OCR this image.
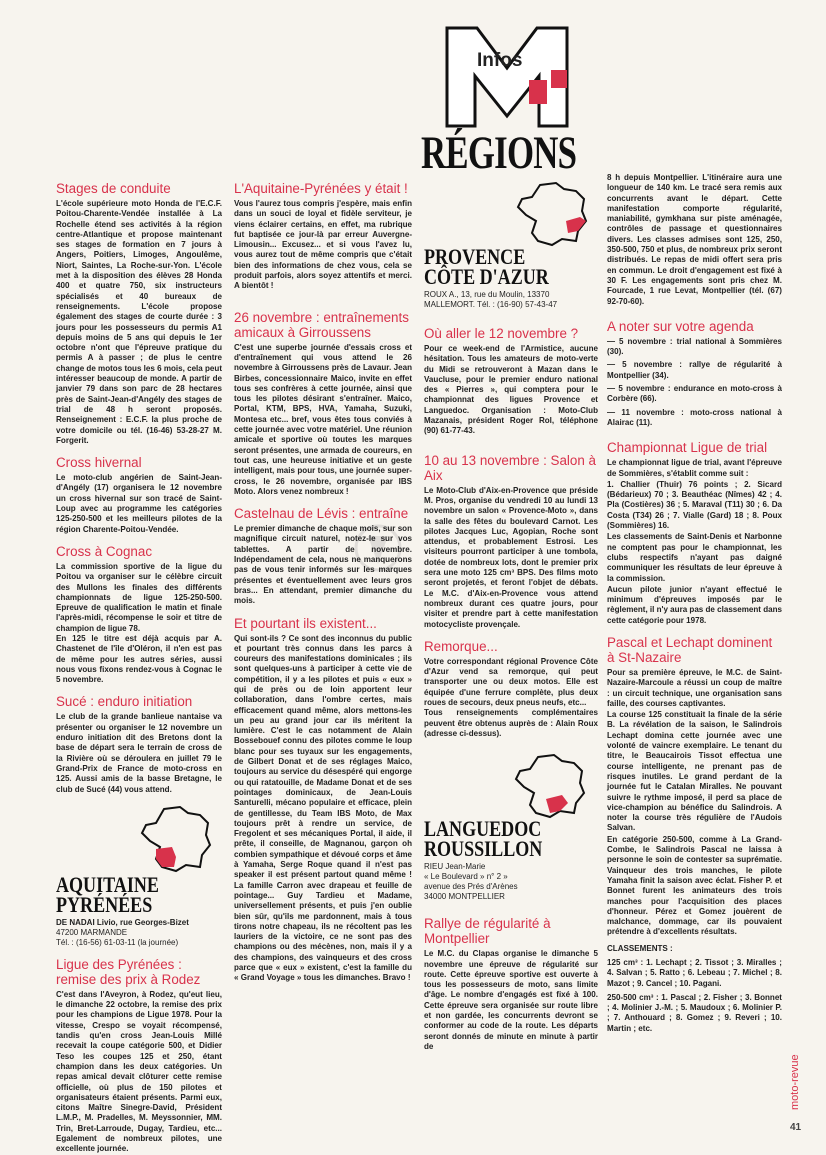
Infos
RÉGIONS
Stages de conduite

L'école supérieure moto Honda de l'E.C.F. Poitou-Charente-Vendée installée à La Rochelle étend ses activités à la région centre-Atlantique et propose maintenant ses stages de formation en 7 jours à Angers, Poitiers, Limoges, Angoulême, Niort, Saintes, La Roche-sur-Yon. L'école met à la disposition des élèves 28 Honda 400 et quatre 750, six instructeurs spécialisés et 40 bureaux de renseignements. L'école propose également des stages de courte durée : 3 jours pour les possesseurs du permis A1 depuis moins de 5 ans qui depuis le 1er octobre n'ont que l'épreuve pratique du permis A à passer ; de plus le centre change de motos tous les 6 mois, cela peut intéresser beaucoup de monde. A partir de janvier 79 dans son parc de 28 hectares près de Saint-Jean-d'Angély des stages de trial de 48 h seront proposés. Renseignement : E.C.F. la plus proche de votre domicile ou tél. (16-46) 53-28-27 M. Forgerit.

Cross hivernal

Le moto-club angérien de Saint-Jean-d'Angély (17) organisera le 12 novembre un cross hivernal sur son tracé de Saint-Loup avec au programme les catégories 125-250-500 et les meilleurs pilotes de la région Charente-Poitou-Vendée.

Cross à Cognac

La commission sportive de la ligue du Poitou va organiser sur le célèbre circuit des Mullons les finales des différents championnats de ligue 125-250-500. Epreuve de qualification le matin et finale l'après-midi, récompense le soir et titre de champion de ligue 78.

En 125 le titre est déjà acquis par A. Chastenet de l'île d'Oléron, il n'en est pas de même pour les autres séries, aussi nous vous fixons rendez-vous à Cognac le 5 novembre.

Sucé : enduro initiation

Le club de la grande banlieue nantaise va présenter ou organiser le 12 novembre un enduro initiation dit des Bretons dont la base de départ sera le terrain de cross de la Rivière où se déroulera en juillet 79 le Grand-Prix de France de moto-cross en 125. Aussi amis de la basse Bretagne, le club de Sucé (44) vous attend.

AQUITAINE
PYRÉNÉES
DE NADAI Livio, rue Georges-Bizet
47200 MARMANDE
Tél. : (16-56) 61-03-11 (la journée)
Ligue des Pyrénées : remise des prix à Rodez

C'est dans l'Aveyron, à Rodez, qu'eut lieu, le dimanche 22 octobre, la remise des prix pour les champions de Ligue 1978. Pour la vitesse, Crespo se voyait récompensé, tandis qu'en cross Jean-Louis Millé recevait la coupe catégorie 500, et Didier Teso les coupes 125 et 250, étant champion dans les deux catégories. Un repas amical devait clôturer cette remise officielle, où plus de 150 pilotes et organisateurs étaient présents. Parmi eux, citons Maître Sinegre-David, Président L.M.P., M. Pradelles, M. Meyssonnier, MM. Trin, Bret-Larroude, Dugay, Tardieu, etc... Egalement de nombreux pilotes, une excellente journée.

L'Aquitaine-Pyrénées y était !

Vous l'aurez tous compris j'espère, mais enfin dans un souci de loyal et fidèle serviteur, je viens éclairer certains, en effet, ma rubrique fut baptisée ce jour-là par erreur Auvergne-Limousin... Excusez... et si vous l'avez lu, vous aurez tout de même compris que c'était bien des informations de chez vous, cela se produit parfois, alors soyez attentifs et merci. A bientôt !

26 novembre : entraînements amicaux à Girroussens

C'est une superbe journée d'essais cross et d'entraînement qui vous attend le 26 novembre à Girroussens près de Lavaur. Jean Birbes, concessionnaire Maico, invite en effet tous ses confrères à cette journée, ainsi que tous les pilotes désirant s'entraîner. Maico, Portal, KTM, BPS, HVA, Yamaha, Suzuki, Montesa etc... bref, vous êtes tous conviés à cette journée avec votre matériel. Une réunion amicale et sportive où toutes les marques seront présentes, une armada de coureurs, en tout cas, une heureuse initiative et un geste intelligent, mais pour tous, une journée super-cross, le 26 novembre, organisée par IBS Moto. Alors venez nombreux !

Castelnau de Lévis : entraîne

Le premier dimanche de chaque mois, sur son magnifique circuit naturel, notez-le sur vos tablettes. A partir de novembre. Indépendament de cela, nous ne manquerons pas de vous tenir informés sur les marques présentes et éventuellement avec leurs gros bras... En attendant, premier dimanche du mois.

Et pourtant ils existent...

Qui sont-ils ? Ce sont des inconnus du public et pourtant très connus dans les parcs à coureurs des manifestations dominicales ; ils sont quelques-uns à participer à cette vie de compétition, il y a les pilotes et puis « eux » qui de près ou de loin apportent leur collaboration, dans l'ombre certes, mais efficacement quand même, alors mettons-les un peu au grand jour car ils méritent la lumière. C'est le cas notamment de Alain Bossebouef connu des pilotes comme le loup blanc pour ses tuyaux sur les engagements, de Gilbert Donat et de ses réglages Maico, toujours au service du désespéré qui engorge ou qui ratatouille, de Madame Donat et de ses pointages dominicaux, de Jean-Louis Santurelli, mécano populaire et efficace, plein de gentillesse, du Team IBS Moto, de Max toujours prêt à rendre un service, de Fregolent et ses mécaniques Portal, il aide, il prête, il conseille, de Magnanou, garçon oh combien sympathique et dévoué corps et âme à Yamaha, Serge Roque quand il n'est pas speaker il est présent partout quand même ! La famille Carron avec drapeau et feuille de pointage... Guy Tardieu et Madame, universellement présents, et puis j'en oublie bien sûr, qu'ils me pardonnent, mais à tous tirons notre chapeau, ils ne récoltent pas les lauriers de la victoire, ce ne sont pas des champions ou des mécènes, non, mais il y a des champions, des vainqueurs et des cross parce que « eux » existent, c'est la famille du « Grand Voyage » tous les dimanches. Bravo !

PROVENCE
CÔTE D'AZUR
ROUX A., 13, rue du Moulin, 13370 MALLEMORT. Tél. : (16-90) 57-43-47
Où aller le 12 novembre ?

Pour ce week-end de l'Armistice, aucune hésitation. Tous les amateurs de moto-verte du Midi se retrouveront à Mazan dans le Vaucluse, pour le premier enduro national des « Pierres », qui comptera pour le championnat des ligues Provence et Languedoc. Organisation : Moto-Club Mazanais, président Roger Rol, téléphone (90) 61-77-43.

10 au 13 novembre : Salon à Aix

Le Moto-Club d'Aix-en-Provence que préside M. Pros, organise du vendredi 10 au lundi 13 novembre un salon « Provence-Moto », dans la salle des fêtes du boulevard Carnot. Les pilotes Jacques Luc, Agopian, Roche sont attendus, et probablement Estrosi. Les visiteurs pourront participer à une tombola, dotée de nombreux lots, dont le premier prix sera une moto 125 cm³ BPS. Des films moto seront projetés, et feront l'objet de débats. Le M.C. d'Aix-en-Provence vous attend nombreux durant ces quatre jours, pour visiter et prendre part à cette manifestation motocycliste provençale.

Remorque...

Votre correspondant régional Provence Côte d'Azur vend sa remorque, qui peut transporter une ou deux motos. Elle est équipée d'une ferrure complète, plus deux roues de secours, deux pneus neufs, etc...

Tous renseignements complémentaires peuvent être obtenus auprès de : Alain Roux (adresse ci-dessus).

LANGUEDOC
ROUSSILLON
RIEU Jean-Marie
« Le Boulevard » n° 2 »
avenue des Prés d'Arènes
34000 MONTPELLIER
Rallye de régularité à Montpellier

Le M.C. du Clapas organise le dimanche 5 novembre une épreuve de régularité sur route. Cette épreuve sportive est ouverte à tous les possesseurs de moto, sans limite d'âge. Le nombre d'engagés est fixé à 100. Cette épreuve sera organisée sur route libre et non gardée, les concurrents devront se conformer au code de la route. Les départs seront donnés de minute en minute à partir de

8 h depuis Montpellier. L'itinéraire aura une longueur de 140 km. Le tracé sera remis aux concurrents avant le départ. Cette manifestation comporte régularité, maniabilité, gymkhana sur piste aménagée, contrôles de passage et questionnaires divers. Les classes admises sont 125, 250, 350-500, 750 et plus, de nombreux prix seront distribués. Le repas de midi offert sera pris en commun. Le droit d'engagement est fixé à 30 F. Les engagements sont pris chez M. Fourcade, 1 rue Levat, Montpellier (tél. (67) 92-70-60).

A noter sur votre agenda

— 5 novembre : trial national à Sommières (30).

— 5 novembre : rallye de régularité à Montpellier (34).

— 5 novembre : endurance en moto-cross à Corbère (66).

— 11 novembre : moto-cross national à Alairac (11).

Championnat Ligue de trial

Le championnat ligue de trial, avant l'épreuve de Sommières, s'établit comme suit :

1. Challier (Thuir) 76 points ; 2. Sicard (Bédarieux) 70 ; 3. Beauthéac (Nîmes) 42 ; 4. Pla (Costières) 36 ; 5. Maraval (T11) 30 ; 6. Da Costa (T34) 26 ; 7. Vialle (Gard) 18 ; 8. Poux (Sommières) 16.

Les classements de Saint-Denis et Narbonne ne comptent pas pour le championnat, les clubs respectifs n'ayant pas daigné communiquer les résultats de leur épreuve à la commission.

Aucun pilote junior n'ayant effectué le minimum d'épreuves imposés par le règlement, il n'y aura pas de classement dans cette catégorie pour 1978.

Pascal et Lechapt dominent à St-Nazaire

Pour sa première épreuve, le M.C. de Saint-Nazaire-Marcoule a réussi un coup de maître : un circuit technique, une organisation sans faille, des courses captivantes.

La course 125 constituait la finale de la série B. La révélation de la saison, le Salindrois Lechapt domina cette journée avec une volonté de vaincre exemplaire. Le tenant du titre, le Beaucairois Tissot effectua une course intelligente, ne prenant pas de risques inutiles. Le grand perdant de la journée fut le Catalan Miralles. Ne pouvant suivre le rythme imposé, il perd sa place de vice-champion au bénéfice du Salindrois. A noter la course très régulière de l'Audois Salvan.

En catégorie 250-500, comme à La Grand-Combe, le Salindrois Pascal ne laissa à personne le soin de contester sa suprématie. Vainqueur des trois manches, le pilote Yamaha finit la saison avec éclat. Fisher P. et Bonnet furent les animateurs des trois manches pour l'acquisition des places d'honneur. Pérez et Gomez jouèrent de malchance, dommage, car ils pouvaient prétendre à d'excellents résultats.

CLASSEMENTS :

125 cm³ : 1. Lechapt ; 2. Tissot ; 3. Miralles ; 4. Salvan ; 5. Ratto ; 6. Lebeau ; 7. Michel ; 8. Mazot ; 9. Cancel ; 10. Pagani.

250-500 cm³ : 1. Pascal ; 2. Fisher ; 3. Bonnet ; 4. Molinier J.-M. ; 5. Maudoux ; 6. Molinier P. ; 7. Anthouard ; 8. Gomez ; 9. Reveri ; 10. Martin ; etc.

moto-revue
41
